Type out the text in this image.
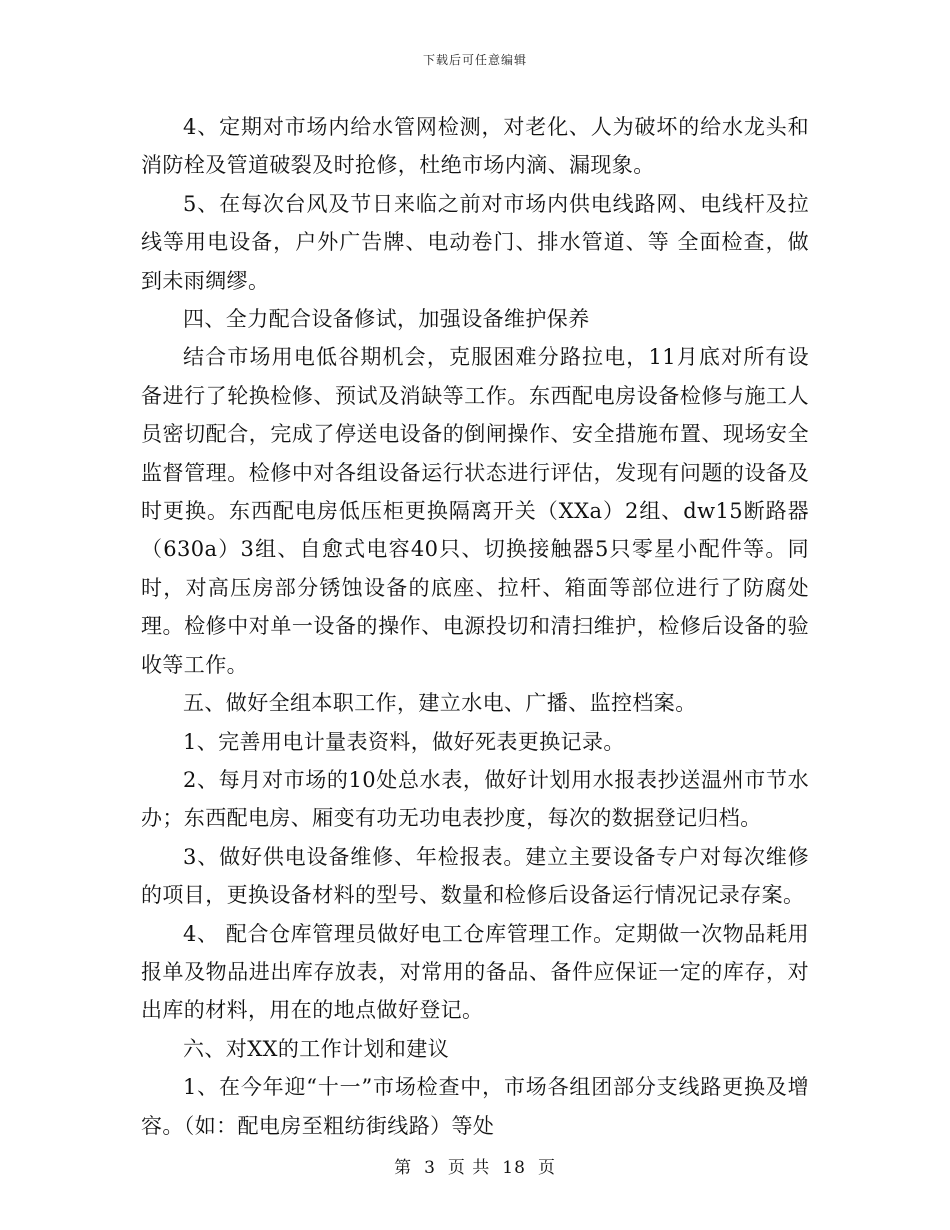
下载后可任意编辑

4、定期对市场内给水管网检测，对老化、人为破坏的给水龙头和消防栓及管道破裂及时抢修，杜绝市场内滴、漏现象。

5、在每次台风及节日来临之前对市场内供电线路网、电线杆及拉线等用电设备，户外广告牌、电动卷门、排水管道、等 全面检查，做到未雨绸缪。

四、全力配合设备修试，加强设备维护保养

结合市场用电低谷期机会，克服困难分路拉电，11月底对所有设备进行了轮换检修、预试及消缺等工作。东西配电房设备检修与施工人员密切配合，完成了停送电设备的倒闸操作、安全措施布置、现场安全监督管理。检修中对各组设备运行状态进行评估，发现有问题的设备及时更换。东西配电房低压柜更换隔离开关（XXa）2组、dw15断路器（630a）3组、自愈式电容40只、切换接触器5只零星小配件等。同时，对高压房部分锈蚀设备的底座、拉杆、箱面等部位进行了防腐处理。检修中对单一设备的操作、电源投切和清扫维护，检修后设备的验收等工作。

五、做好全组本职工作，建立水电、广播、监控档案。

1、完善用电计量表资料，做好死表更换记录。

2、每月对市场的10处总水表，做好计划用水报表抄送温州市节水办；东西配电房、厢变有功无功电表抄度，每次的数据登记归档。

3、做好供电设备维修、年检报表。建立主要设备专户对每次维修的项目，更换设备材料的型号、数量和检修后设备运行情况记录存案。

4、 配合仓库管理员做好电工仓库管理工作。定期做一次物品耗用报单及物品进出库存放表，对常用的备品、备件应保证一定的库存，对出库的材料，用在的地点做好登记。

六、对XX的工作计划和建议

1、在今年迎“十一”市场检查中，市场各组团部分支线路更换及增容。（如：配电房至粗纺街线路）等处

第 3 页 共 18 页
